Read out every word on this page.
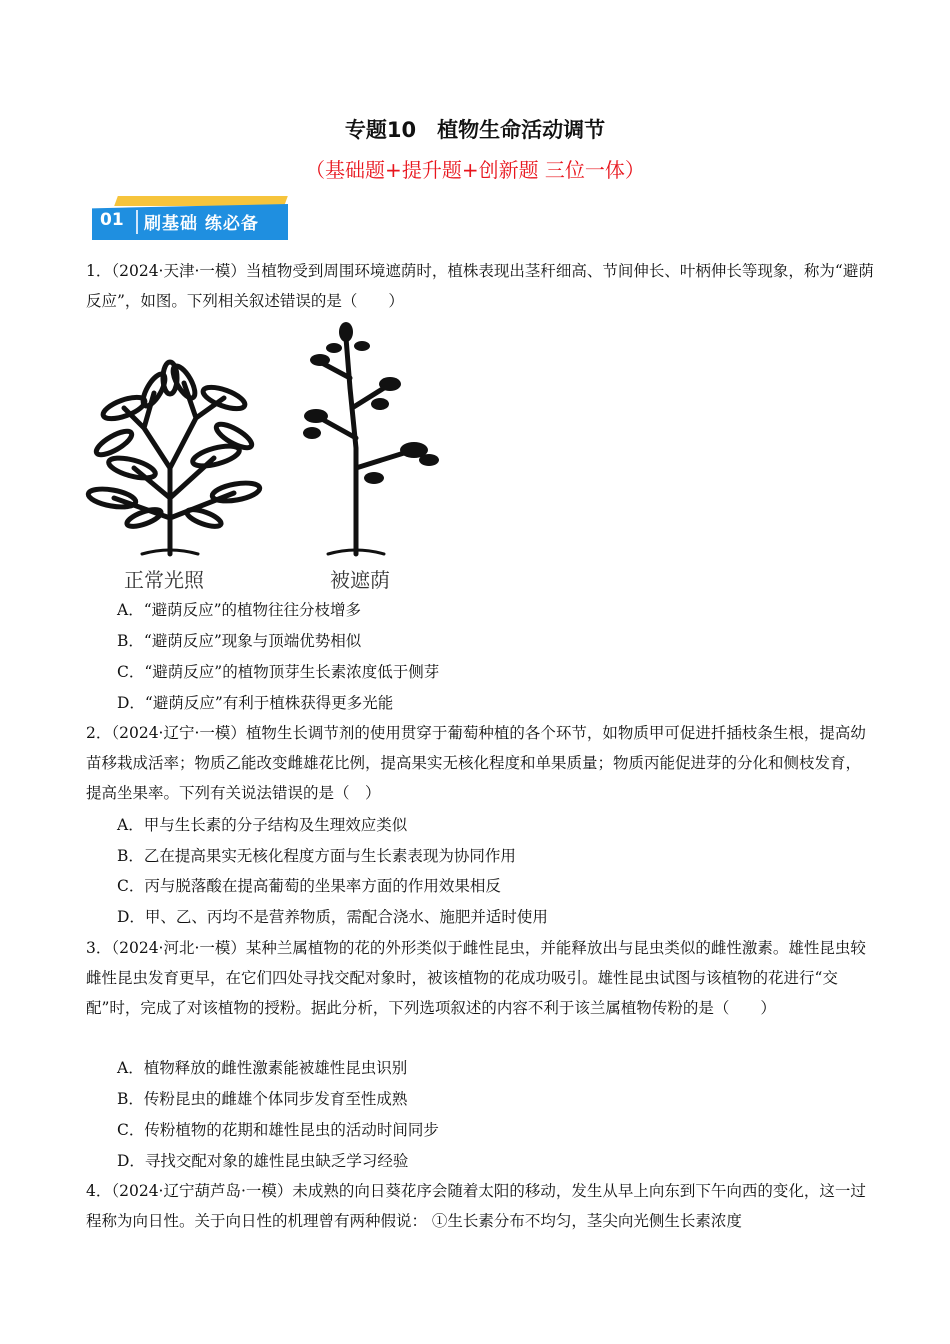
专题10　植物生命活动调节
（基础题+提升题+创新题 三位一体）
01 刷基础 练必备
1．（2024·天津·一模）当植物受到周围环境遮荫时，植株表现出茎秆细高、节间伸长、叶柄伸长等现象，称为“避荫反应”，如图。下列相关叙述错误的是（　　）
正常光照	被遮荫
A．“避荫反应”的植物往往分枝增多
B．“避荫反应”现象与顶端优势相似
C．“避荫反应”的植物顶芽生长素浓度低于侧芽
D．“避荫反应”有利于植株获得更多光能
2．（2024·辽宁·一模）植物生长调节剂的使用贯穿于葡萄种植的各个环节，如物质甲可促进扦插枝条生根，提高幼苗移栽成活率；物质乙能改变雌雄花比例，提高果实无核化程度和单果质量；物质丙能促进芽的分化和侧枝发育，提高坐果率。下列有关说法错误的是（　）
A．甲与生长素的分子结构及生理效应类似
B．乙在提高果实无核化程度方面与生长素表现为协同作用
C．丙与脱落酸在提高葡萄的坐果率方面的作用效果相反
D．甲、乙、丙均不是营养物质，需配合浇水、施肥并适时使用
3．（2024·河北·一模）某种兰属植物的花的外形类似于雌性昆虫，并能释放出与昆虫类似的雌性激素。雄性昆虫较雌性昆虫发育更早，在它们四处寻找交配对象时，被该植物的花成功吸引。雄性昆虫试图与该植物的花进行“交配”时，完成了对该植物的授粉。据此分析，下列选项叙述的内容不利于该兰属植物传粉的是（　　）
A．植物释放的雌性激素能被雄性昆虫识别
B．传粉昆虫的雌雄个体同步发育至性成熟
C．传粉植物的花期和雄性昆虫的活动时间同步
D．寻找交配对象的雄性昆虫缺乏学习经验
4．（2024·辽宁葫芦岛·一模）未成熟的向日葵花序会随着太阳的移动，发生从早上向东到下午向西的变化，这一过程称为向日性。关于向日性的机理曾有两种假说： ①生长素分布不均匀，茎尖向光侧生长素浓度
